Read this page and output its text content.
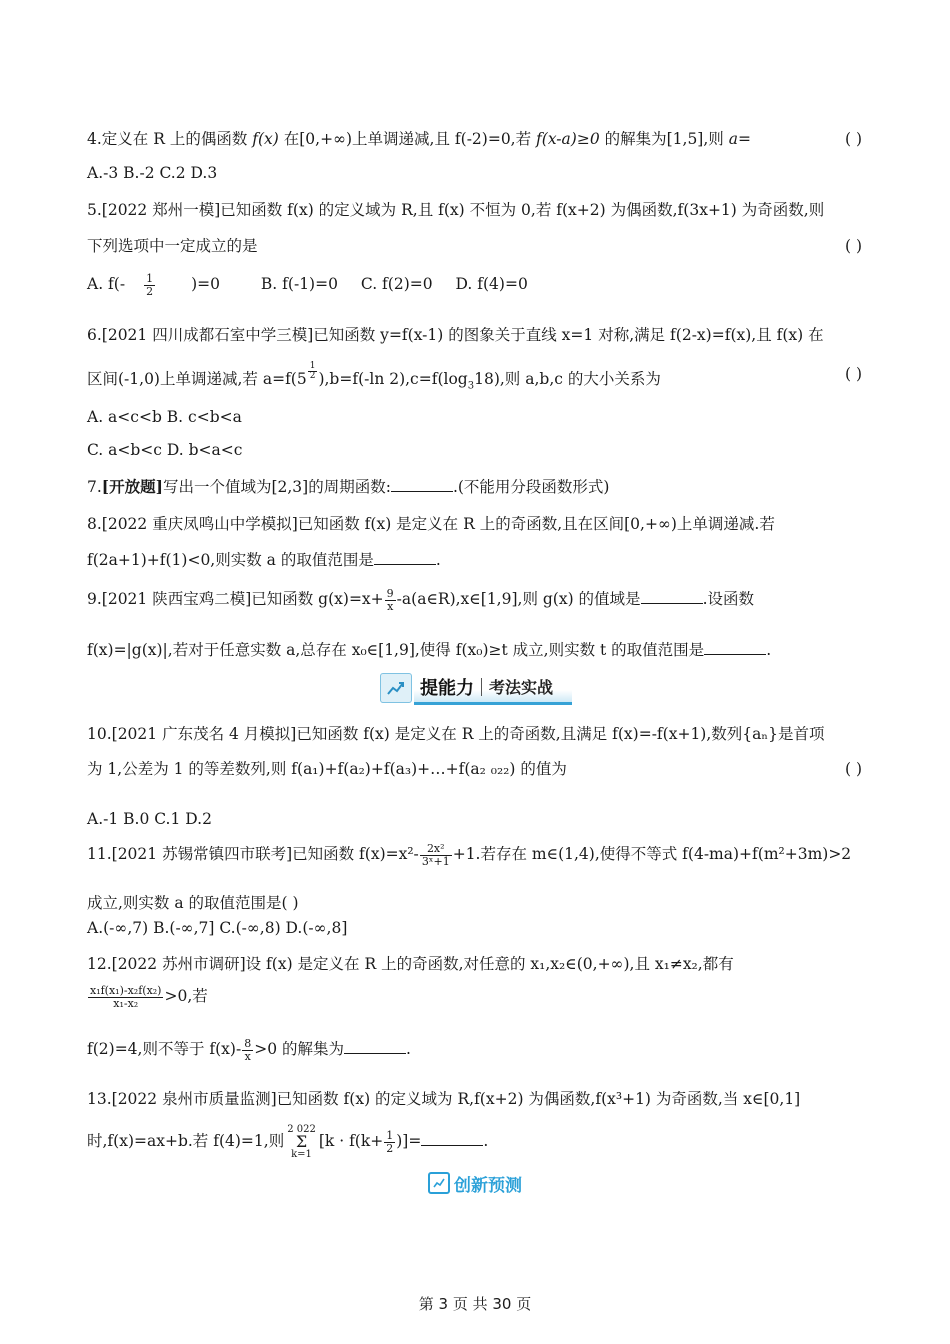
4.定义在 R 上的偶函数 f(x) 在[0,+∞)上单调递减,且 f(-2)=0,若 f(x-a)≥0 的解集为[1,5],则 a=	( )
A.-3 B.-2 C.2 D.3
5.[2022 郑州一模]已知函数 f(x) 的定义域为 R,且 f(x) 不恒为 0,若 f(x+2) 为偶函数,f(3x+1) 为奇函数,则
下列选项中一定成立的是	( )
A. $f(- \frac{1}{2} )=0$	B. f(-1)=0 C. f(2)=0 D. f(4)=0
6.[2021 四川成都石室中学三模]已知函数 y=f(x-1) 的图象关于直线 x=1 对称,满足 f(2-x)=f(x),且 f(x) 在
区间(-1,0)上单调递减,若 $a=f(5 \frac{1}{2} ),b=f(-\ln$ $2),c=f(\log_318)$,则 a,b,c 的大小关系为	( )
A. a<c<b B. c<b<a
C. a<b<c D. b<a<c
7.[开放题]写出一个值域为[2,3]的周期函数:	.(不能用分段函数形式)
8.[2022 重庆凤鸣山中学模拟]已知函数 f(x) 是定义在 R 上的奇函数,且在区间[0,+∞)上单调递减.若
f(2a+1)+f(1)<0,则实数 a 的取值范围是	.
9.[2021 陕西宝鸡二模]已知函数 $g(x)=x+ \frac{9}{x}$ -a(a∈R),x∈[1,9],则 g(x) 的值域是	.设函数
f(x)=|g(x)|,若对于任意实数 a,总存在 x₀∈[1,9],使得 f(x₀)≥t 成立,则实数 t 的取值范围是	.
提能力 考法实战
10.[2021 广东茂名 4 月模拟]已知函数 f(x) 是定义在 R 上的奇函数,且满足 f(x)=-f(x+1),数列{aₙ}是首项
为 1,公差为 1 的等差数列,则 f(a₁)+f(a₂)+f(a₃)+…+f(a₂ ₀₂₂) 的值为	( )
A.-1 B.0 C.1 D.2
11.[2021 苏锡常镇四市联考]已知函数 $f(x)=x^2- \frac{\text{2x²}}{\text{3ˣ+1}} +1$.若存在 m∈(1,4),使得不等式 f(4-ma)+f(m²+3m)>2
成立,则实数 a 的取值范围是( )
A.(-∞,7) B.(-∞,7] C.(-∞,8) D.(-∞,8]
12.[2022 苏州市调研]设 f(x) 是定义在 R 上的奇函数,对任意的 x₁,x₂∈(0,+∞),且 x₁≠x₂,都有
$\frac{\text{x₁f(x₁)-x₂f(x₂)}}{\text{x₁-x₂}} >0$,若
f(2)=4,则不等于 $f(x)- \frac{8}{x} >0$ 的解集为	.
13.[2022 泉州市质量监测]已知函数 f(x) 的定义域为 R,f(x+2) 为偶函数,f(x³+1) 为奇函数,当 x∈[0,1]
时,f(x)=ax+b.若 f(4)=1,则2 022
Σ
$k=1[k \cdot f(k+ \frac{1}{2}$ )]=	.
创新预测
第 3 页 共 30 页
